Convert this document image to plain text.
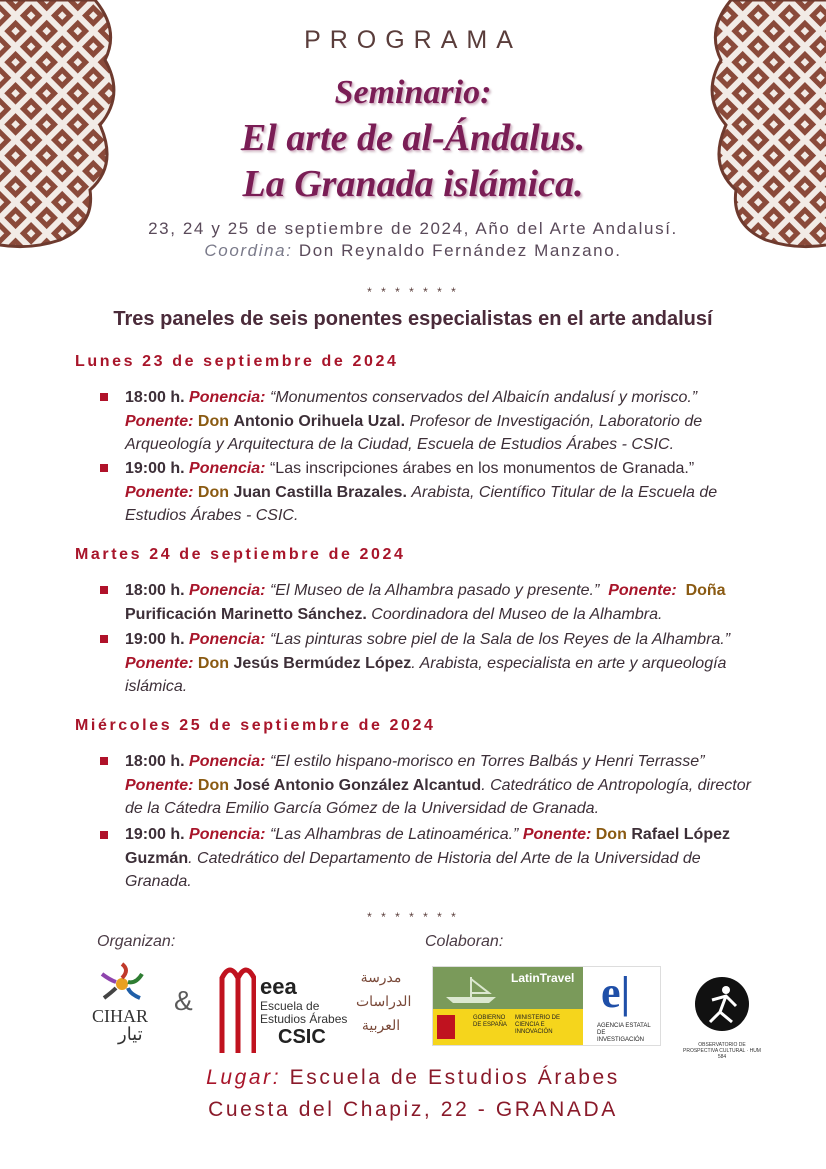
PROGRAMA
Seminario:
El arte de al-Ándalus.
La Granada islámica.
23, 24 y 25 de septiembre de 2024, Año del Arte Andalusí.
Coordina: Don Reynaldo Fernández Manzano.
* * * * * * *
Tres paneles de seis ponentes especialistas en el arte andalusí
Lunes 23 de septiembre de 2024
18:00 h. Ponencia: “Monumentos conservados del Albaicín andalusí y morisco.”
Ponente: Don Antonio Orihuela Uzal. Profesor de Investigación, Laboratorio de Arqueología y Arquitectura de la Ciudad, Escuela de Estudios Árabes - CSIC.
19:00 h. Ponencia: “Las inscripciones árabes en los monumentos de Granada.”
Ponente: Don Juan Castilla Brazales. Arabista, Científico Titular de la Escuela de Estudios Árabes - CSIC.
Martes 24 de septiembre de 2024
18:00 h. Ponencia: “El Museo de la Alhambra pasado y presente.” Ponente: Doña Purificación Marinetto Sánchez. Coordinadora del Museo de la Alhambra.
19:00 h. Ponencia: “Las pinturas sobre piel de la Sala de los Reyes de la Alhambra.” Ponente: Don Jesús Bermúdez López. Arabista, especialista en arte y arqueología islámica.
Miércoles 25 de septiembre de 2024
18:00 h. Ponencia: “El estilo hispano-morisco en Torres Balbás y Henri Terrasse”
Ponente: Don José Antonio González Alcantud. Catedrático de Antropología, director de la Cátedra Emilio García Gómez de la Universidad de Granada.
19:00 h. Ponencia: “Las Alhambras de Latinoamérica.” Ponente: Don Rafael López Guzmán. Catedrático del Departamento de Historia del Arte de la Universidad de Granada.
* * * * * * *
Organizan:	Colaboran:
CIHAR
تيار
&	eea
Escuela de
Estudios Árabes
CSIC
مدرسة
الدراسات
العربية
LatinTravel
GOBIERNO DE ESPAÑA
MINISTERIO DE CIENCIA E INNOVACIÓN
e|
AGENCIA ESTATAL DE INVESTIGACIÓN
OBSERVATORIO DE PROSPECTIVA CULTURAL · HUM 584
Lugar: Escuela de Estudios Árabes
Cuesta del Chapiz, 22 - GRANADA
